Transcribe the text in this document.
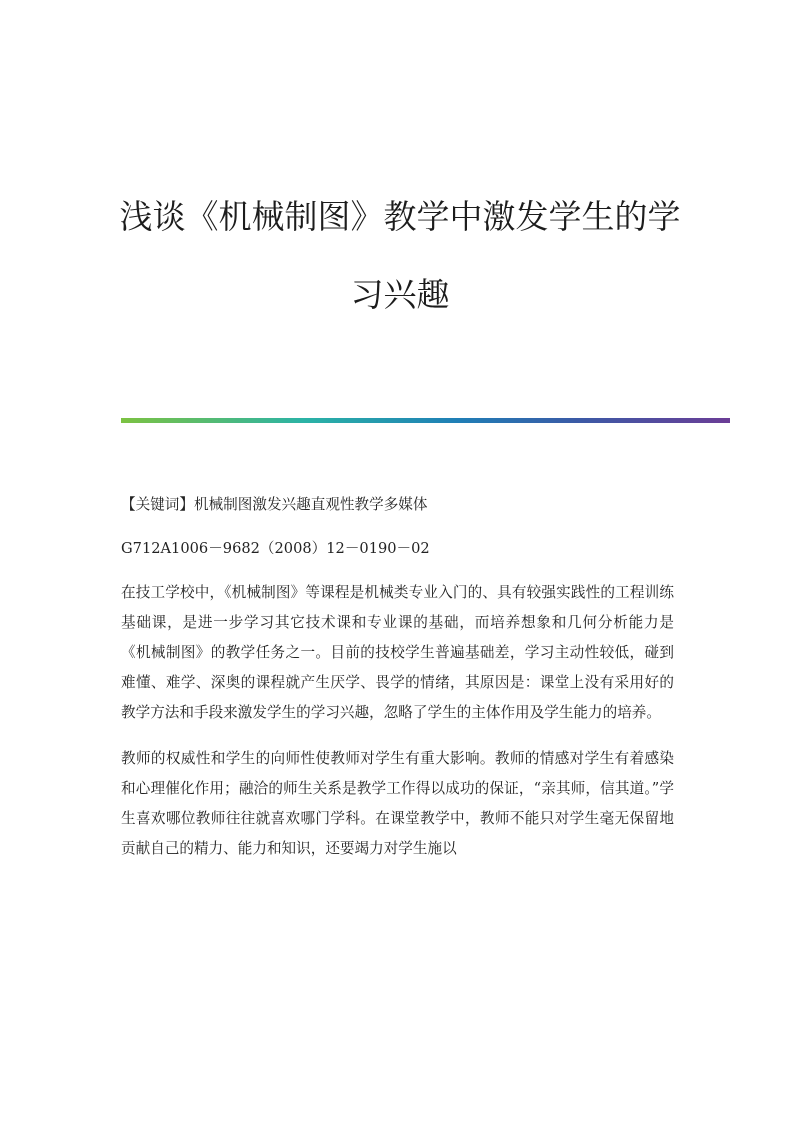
浅谈《机械制图》教学中激发学生的学
习兴趣

【关键词】机械制图激发兴趣直观性教学多媒体

G712A1006－9682（2008）12－0190－02

在技工学校中，《机械制图》等课程是机械类专业入门的、具有较强实践性的工程训练基础课，是进一步学习其它技术课和专业课的基础，而培养想象和几何分析能力是《机械制图》的教学任务之一。目前的技校学生普遍基础差，学习主动性较低，碰到难懂、难学、深奥的课程就产生厌学、畏学的情绪，其原因是：课堂上没有采用好的教学方法和手段来激发学生的学习兴趣，忽略了学生的主体作用及学生能力的培养。

教师的权威性和学生的向师性使教师对学生有重大影响。教师的情感对学生有着感染和心理催化作用；融洽的师生关系是教学工作得以成功的保证，“亲其师，信其道。”学生喜欢哪位教师往往就喜欢哪门学科。在课堂教学中，教师不能只对学生毫无保留地贡献自己的精力、能力和知识，还要竭力对学生施以
